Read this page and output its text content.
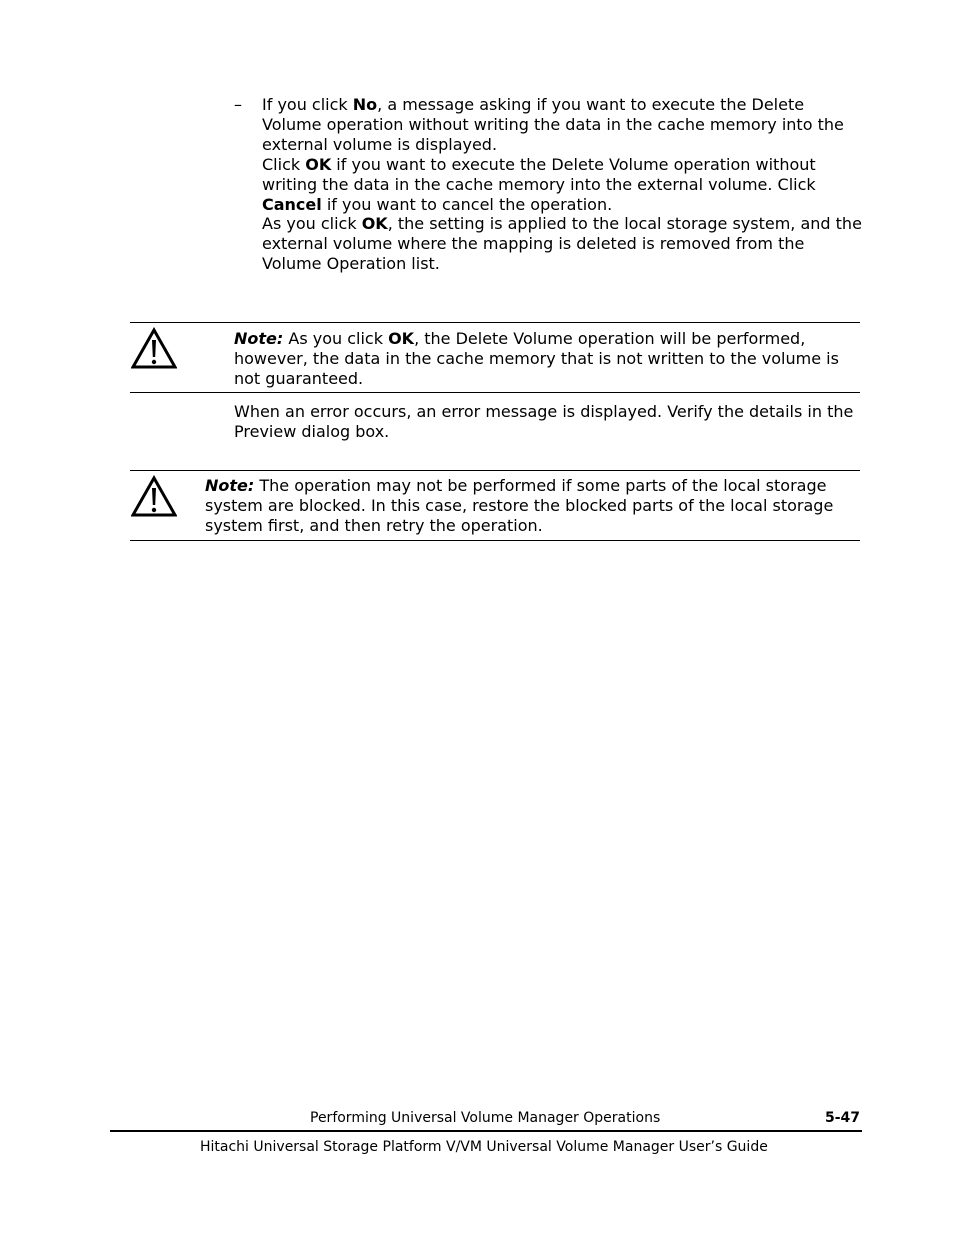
– If you click No, a message asking if you want to execute the Delete Volume operation without writing the data in the cache memory into the external volume is displayed.

Click OK if you want to execute the Delete Volume operation without writing the data in the cache memory into the external volume. Click Cancel if you want to cancel the operation.

As you click OK, the setting is applied to the local storage system, and the external volume where the mapping is deleted is removed from the Volume Operation list.

Note: As you click OK, the Delete Volume operation will be performed, however, the data in the cache memory that is not written to the volume is not guaranteed.

When an error occurs, an error message is displayed. Verify the details in the Preview dialog box.

Note: The operation may not be performed if some parts of the local storage system are blocked. In this case, restore the blocked parts of the local storage system first, and then retry the operation.

Performing Universal Volume Manager Operations	5-47
Hitachi Universal Storage Platform V/VM Universal Volume Manager User’s Guide
